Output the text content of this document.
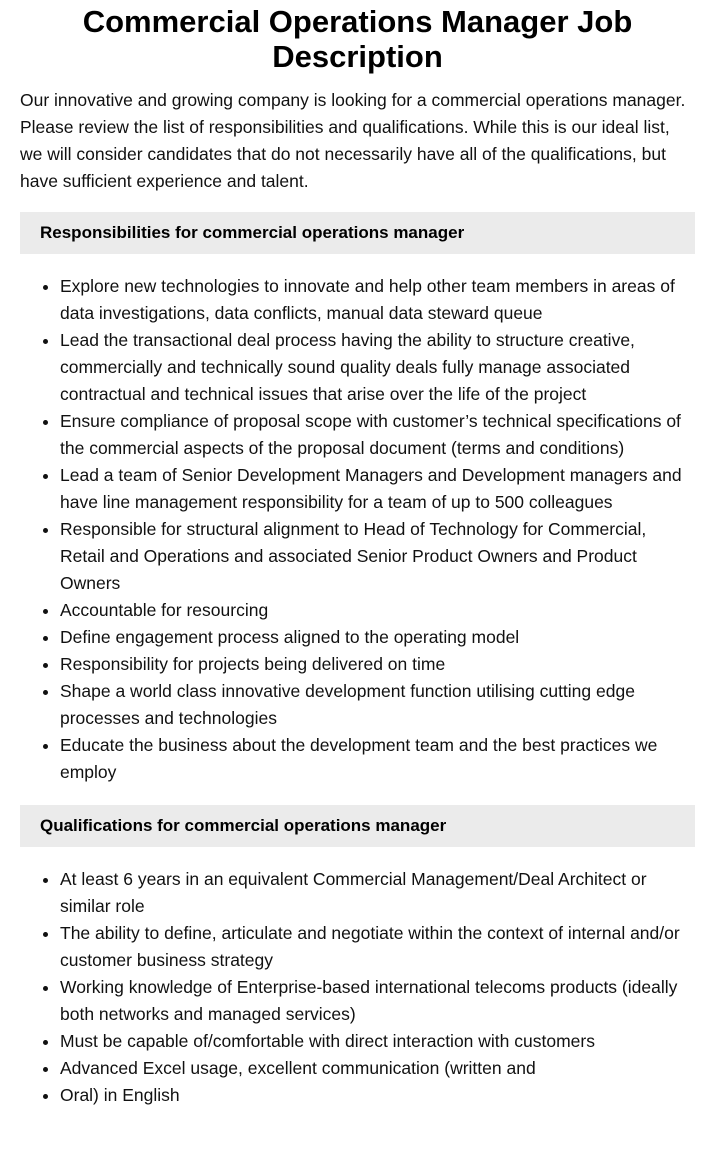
Commercial Operations Manager Job Description

Our innovative and growing company is looking for a commercial operations manager. Please review the list of responsibilities and qualifications. While this is our ideal list, we will consider candidates that do not necessarily have all of the qualifications, but have sufficient experience and talent.

Responsibilities for commercial operations manager
• Explore new technologies to innovate and help other team members in areas of data investigations, data conflicts, manual data steward queue
• Lead the transactional deal process having the ability to structure creative, commercially and technically sound quality deals fully manage associated contractual and technical issues that arise over the life of the project
• Ensure compliance of proposal scope with customer’s technical specifications of the commercial aspects of the proposal document (terms and conditions)
• Lead a team of Senior Development Managers and Development managers and have line management responsibility for a team of up to 500 colleagues
• Responsible for structural alignment to Head of Technology for Commercial, Retail and Operations and associated Senior Product Owners and Product Owners
• Accountable for resourcing
• Define engagement process aligned to the operating model
• Responsibility for projects being delivered on time
• Shape a world class innovative development function utilising cutting edge processes and technologies
• Educate the business about the development team and the best practices we employ
Qualifications for commercial operations manager
• At least 6 years in an equivalent Commercial Management/Deal Architect or similar role
• The ability to define, articulate and negotiate within the context of internal and/or customer business strategy
• Working knowledge of Enterprise-based international telecoms products (ideally both networks and managed services)
• Must be capable of/comfortable with direct interaction with customers
• Advanced Excel usage, excellent communication (written and
• Oral) in English
